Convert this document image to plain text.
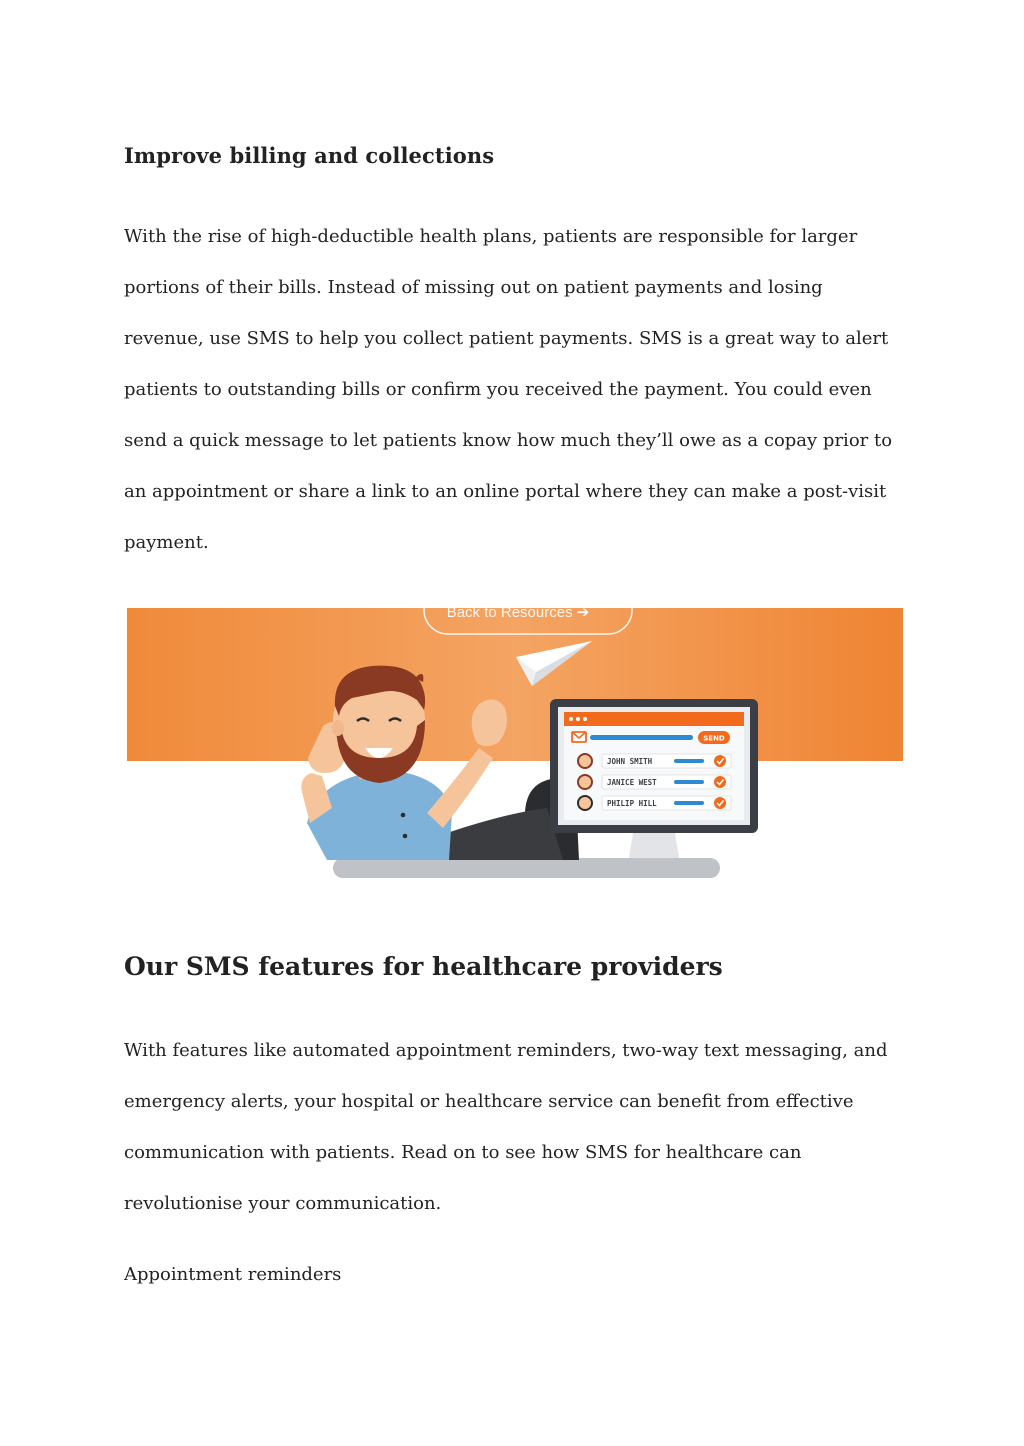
Improve billing and collections

With the rise of high-deductible health plans, patients are responsible for larger
portions of their bills. Instead of missing out on patient payments and losing
revenue, use SMS to help you collect patient payments. SMS is a great way to alert
patients to outstanding bills or confirm you received the payment. You could even
send a quick message to let patients know how much they’ll owe as a copay prior to
an appointment or share a link to an online portal where they can make a post-visit
payment.

Our SMS features for healthcare providers

With features like automated appointment reminders, two-way text messaging, and
emergency alerts, your hospital or healthcare service can benefit from effective
communication with patients. Read on to see how SMS for healthcare can
revolutionise your communication.

Appointment reminders

Back to Resources ➔
SEND
JOHN SMITH
JANICE WEST
PHILIP HILL
